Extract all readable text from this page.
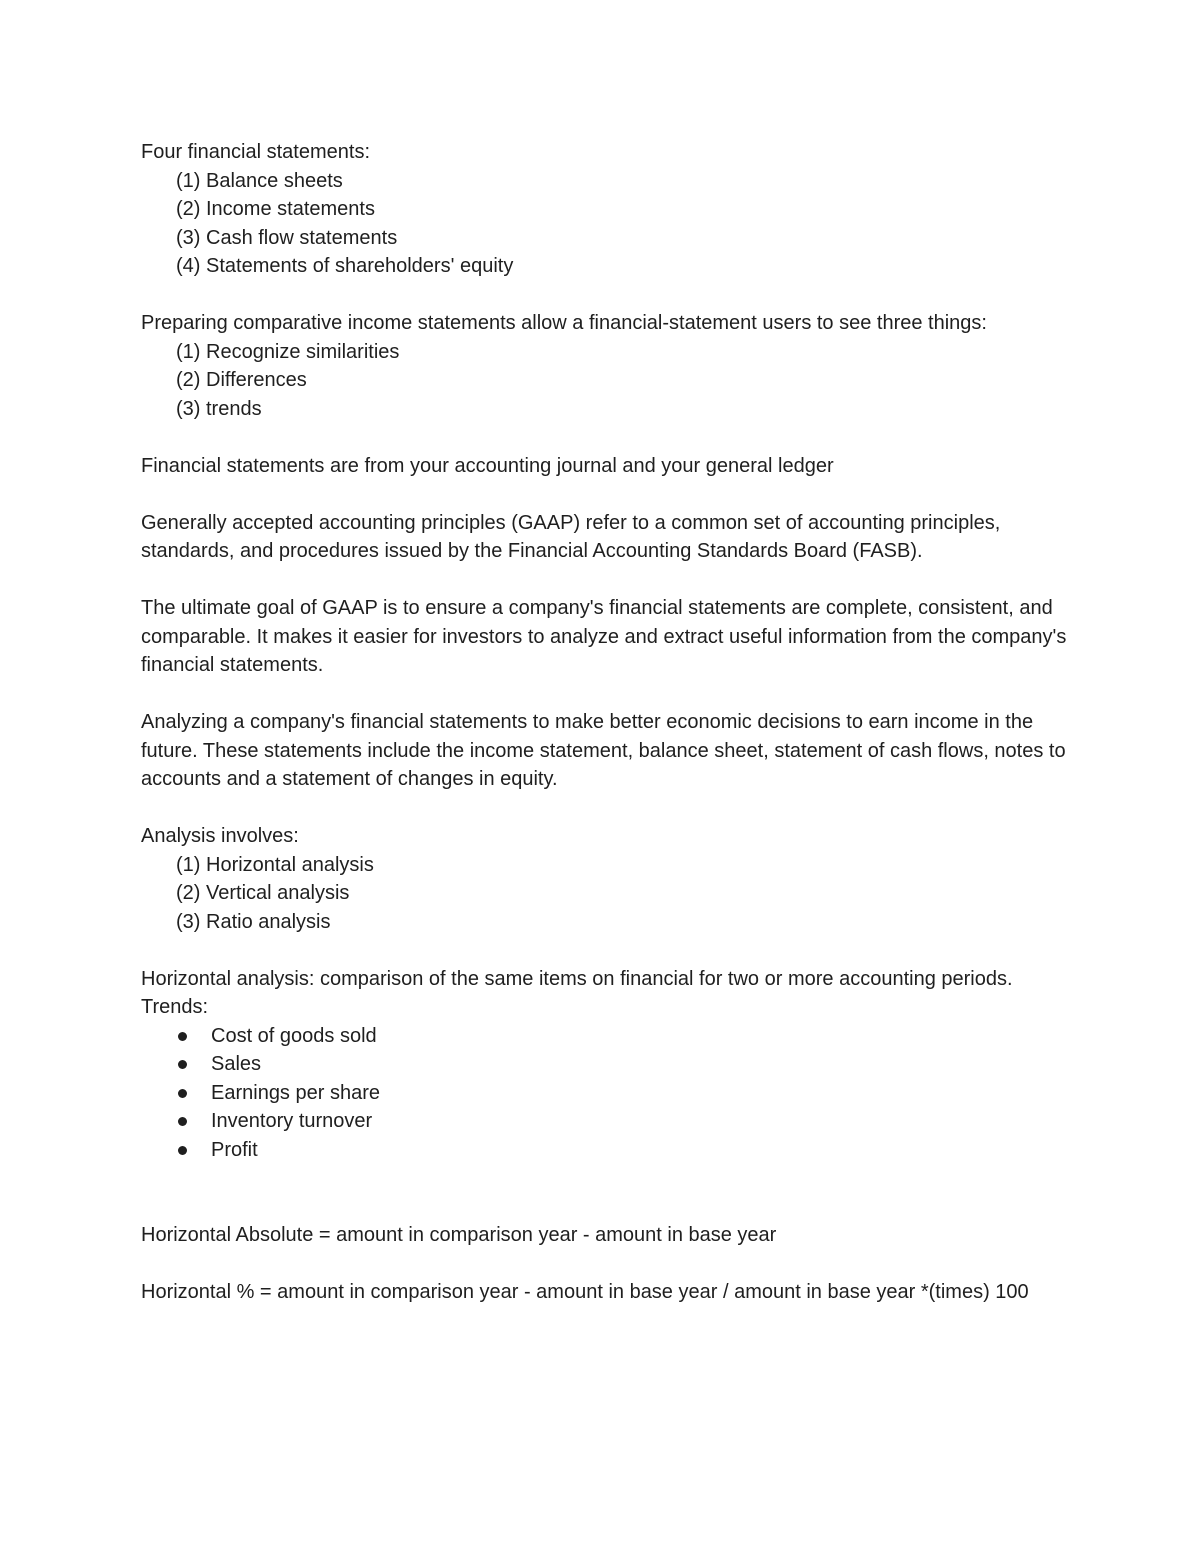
Four financial statements:

(1) Balance sheets
(2) Income statements
(3) Cash flow statements
(4) Statements of shareholders' equity

Preparing comparative income statements allow a financial-statement users to see three things:

(1) Recognize similarities
(2) Differences
(3) trends

Financial statements are from your accounting journal and your general ledger

Generally accepted accounting principles (GAAP) refer to a common set of accounting principles, standards, and procedures issued by the Financial Accounting Standards Board (FASB).

The ultimate goal of GAAP is to ensure a company's financial statements are complete, consistent, and comparable. It makes it easier for investors to analyze and extract useful information from the company's financial statements.

Analyzing a company's financial statements to make better economic decisions to earn income in the future. These statements include the income statement, balance sheet, statement of cash flows, notes to accounts and a statement of changes in equity.

Analysis involves:

(1) Horizontal analysis
(2) Vertical analysis
(3) Ratio analysis

Horizontal analysis: comparison of the same items on financial for two or more accounting periods.

Trends:

Cost of goods sold
Sales
Earnings per share
Inventory turnover
Profit

Horizontal Absolute = amount in comparison year - amount in base year

Horizontal % = amount in comparison year - amount in base year / amount in base year *(times) 100
